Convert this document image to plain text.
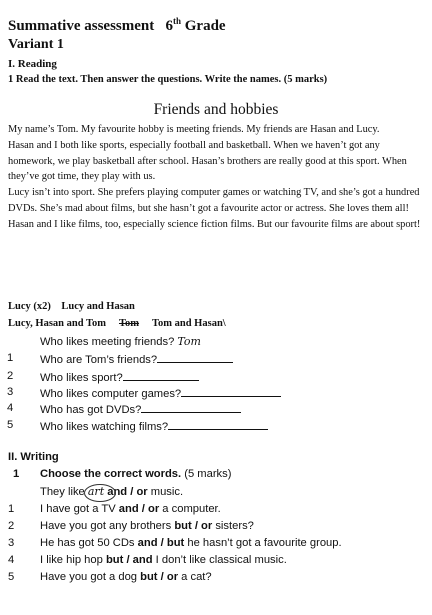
Summative assessment 6th Grade
Variant 1
I. Reading
1 Read the text. Then answer the questions. Write the names. (5 marks)
Friends and hobbies

My name’s Tom. My favourite hobby is meeting friends. My friends are Hasan and Lucy.

Hasan and I both like sports, especially football and basketball. When we haven’t got any homework, we play basketball after school. Hasan’s brothers are really good at this sport. When they’ve got time, they play with us.

Lucy isn’t into sport. She prefers playing computer games or watching TV, and she’s got a hundred DVDs. She’s mad about films, but she hasn’t got a favourite actor or actress. She loves them all! Hasan and I like films, too, especially science fiction films. But our favourite films are about sport!

Lucy (x2) Lucy and Hasan
Lucy, Hasan and Tom Tom Tom and Hasan\
Who likes meeting friends? Tom
1 Who are Tom’s friends?
2 Who likes sport?
3 Who likes computer games?
4 Who has got DVDs?
5 Who likes watching films?
II. Writing
1 Choose the correct words. (5 marks)
They like art and / or music.
1 I have got a TV and / or a computer.
2 Have you got any brothers but / or sisters?
3 He has got 50 CDs and / but he hasn’t got a favourite group.
4 I like hip hop but / and I don’t like classical music.
5 Have you got a dog but / or a cat?
